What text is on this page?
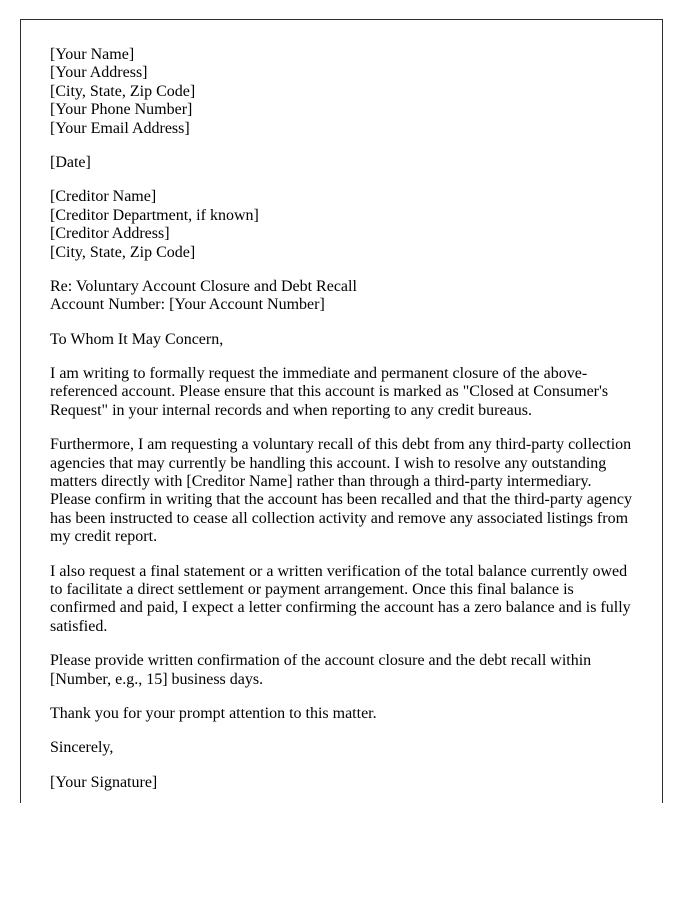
[Your Name]
[Your Address]
[City, State, Zip Code]
[Your Phone Number]
[Your Email Address]
[Date]
[Creditor Name]
[Creditor Department, if known]
[Creditor Address]
[City, State, Zip Code]
Re: Voluntary Account Closure and Debt Recall
Account Number: [Your Account Number]
To Whom It May Concern,
I am writing to formally request the immediate and permanent closure of the above-referenced account. Please ensure that this account is marked as "Closed at Consumer's Request" in your internal records and when reporting to any credit bureaus.
Furthermore, I am requesting a voluntary recall of this debt from any third-party collection agencies that may currently be handling this account. I wish to resolve any outstanding matters directly with [Creditor Name] rather than through a third-party intermediary. Please confirm in writing that the account has been recalled and that the third-party agency has been instructed to cease all collection activity and remove any associated listings from my credit report.
I also request a final statement or a written verification of the total balance currently owed to facilitate a direct settlement or payment arrangement. Once this final balance is confirmed and paid, I expect a letter confirming the account has a zero balance and is fully satisfied.
Please provide written confirmation of the account closure and the debt recall within [Number, e.g., 15] business days.
Thank you for your prompt attention to this matter.
Sincerely,
[Your Signature]
